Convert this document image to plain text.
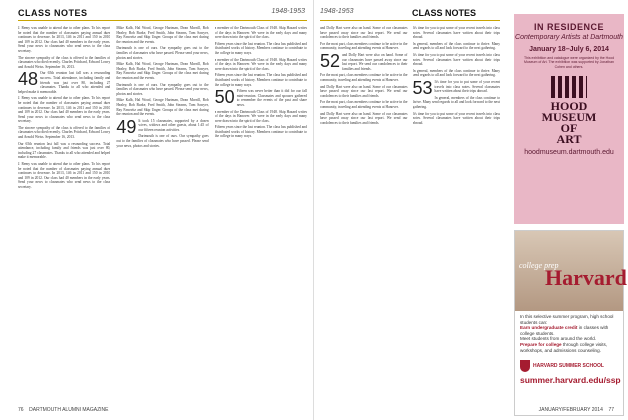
CLASS NOTES	1948-1953

J. Remy was unable to attend due to other plans. To his report he noted that the number of classmates paying annual dues continues to decrease. In 2013, 146 in 2011 and 150 in 2010 and 109 in 2012. Our class had 40 members in the early years. Send your news to classmates who send news to the class secretary.

The sincere sympathy of the class is offered to the families of classmates who died recently. Charles Pritchard, Edward Lowry and Arnold Weiss. September 16, 2013.

48 Our 65th reunion last fall was a resounding success. Total attendance, including family and friends was just over 80, including 27 classmates. Thanks to all who attended and helped make it memorable.

J. Remy was unable to attend due to other plans. To his report he noted that the number of classmates paying annual dues continues to decrease. In 2013, 146 in 2011 and 150 in 2010 and 109 in 2012. Our class had 40 members in the early years. Send your news to classmates who send news to the class secretary.

The sincere sympathy of the class is offered to the families of classmates who died recently. Charles Pritchard, Edward Lowry and Arnold Weiss. September 16, 2013.

Our 65th reunion last fall was a resounding success. Total attendance, including family and friends was just over 80, including 27 classmates. Thanks to all who attended and helped make it memorable.

J. Remy was unable to attend due to other plans. To his report he noted that the number of classmates paying annual dues continues to decrease. In 2013, 146 in 2011 and 150 in 2010 and 109 in 2012. Our class had 40 members in the early years. Send your news to classmates who send news to the class secretary.

Mike Kalb, Hal Wood, George Hartman, Dean Morrill, Bob Healey, Bob Burke, Fred Smith, John Stearns, Tom Sawyer, Ray Fanovitz and Skip Unger. Groups of the class met during the reunion and the events.

Dartmouth is one of ours. Our sympathy goes out to the families of classmates who have passed. Please send your news, photos and stories.

Mike Kalb, Hal Wood, George Hartman, Dean Morrill, Bob Healey, Bob Burke, Fred Smith, John Stearns, Tom Sawyer, Ray Fanovitz and Skip Unger. Groups of the class met during the reunion and the events.

Dartmouth is one of ours. Our sympathy goes out to the families of classmates who have passed. Please send your news, photos and stories.

Mike Kalb, Hal Wood, George Hartman, Dean Morrill, Bob Healey, Bob Burke, Fred Smith, John Stearns, Tom Sawyer, Ray Fanovitz and Skip Unger. Groups of the class met during the reunion and the events.

49 It took 15 classmates, supported by a dozen wives, widows and other guests, about 1:45 of our fifteen reunion activities.

Dartmouth is one of ours. Our sympathy goes out to the families of classmates who have passed. Please send your news, photos and stories.

a member of the Dartmouth Class of 1948. Skip Hazard writes of the days in Hanover. We were in the early days and many were drawn into the spirit of the class.

Fifteen years since the last reunion. The class has published and distributed works of history. Members continue to contribute to the college in many ways.

a member of the Dartmouth Class of 1948. Skip Hazard writes of the days in Hanover. We were in the early days and many were drawn into the spirit of the class.

Fifteen years since the last reunion. The class has published and distributed works of history. Members continue to contribute to the college in many ways.

50 Fifteen was never better than it did for our fall mini-reunion. Classmates and spouses gathered to remember the events of the past and share news.

a member of the Dartmouth Class of 1948. Skip Hazard writes of the days in Hanover. We were in the early days and many were drawn into the spirit of the class.

Fifteen years since the last reunion. The class has published and distributed works of history. Members continue to contribute to the college in many ways.

76 DARTMOUTH ALUMNI MAGAZINE
1948-1953	CLASS NOTES

and Dolly Hart were also on hand. Some of our classmates have passed away since our last report. We send our condolences to their families and friends.

For the most part, class members continue to be active in the community, traveling and attending events at Hanover.

52 and Dolly Hart were also on hand. Some of our classmates have passed away since our last report. We send our condolences to their families and friends.

For the most part, class members continue to be active in the community, traveling and attending events at Hanover.

and Dolly Hart were also on hand. Some of our classmates have passed away since our last report. We send our condolences to their families and friends.

For the most part, class members continue to be active in the community, traveling and attending events at Hanover.

and Dolly Hart were also on hand. Some of our classmates have passed away since our last report. We send our condolences to their families and friends.

It's time for you to put some of your recent travels into class notes. Several classmates have written about their trips abroad.

In general, members of the class continue to thrive. Many send regards to all and look forward to the next gathering.

It's time for you to put some of your recent travels into class notes. Several classmates have written about their trips abroad.

In general, members of the class continue to thrive. Many send regards to all and look forward to the next gathering.

53 It's time for you to put some of your recent travels into class notes. Several classmates have written about their trips abroad.

In general, members of the class continue to thrive. Many send regards to all and look forward to the next gathering.

It's time for you to put some of your recent travels into class notes. Several classmates have written about their trips abroad.

IN RESIDENCE
Contemporary Artists at Dartmouth
January 18–July 6, 2014
This exhibition and catalogue were organized by the Hood Museum of Art. The exhibition was supported by Jonathan Cohen and others.
HOOD
MUSEUM OF
ART
hoodmuseum.dartmouth.edu
college prep
Harvard
In this selective summer program, high school students can:
Earn undergraduate credit in classes with college students.
Meet students from around the world.
Prepare for college through college visits, workshops, and admissions counseling.
HARVARD SUMMER SCHOOL
summer.harvard.edu/ssp
JANUARY/FEBRUARY 2014 77
